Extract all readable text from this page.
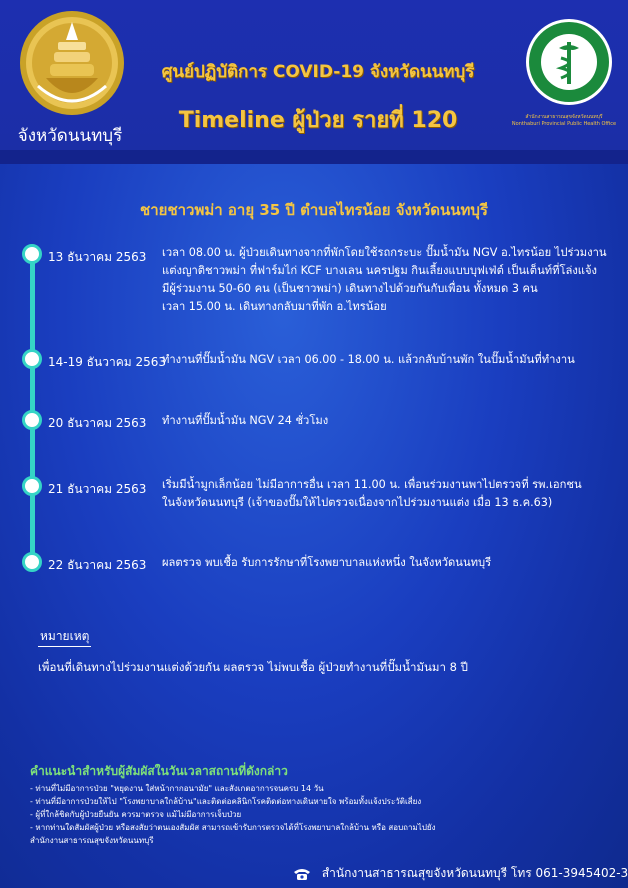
จังหวัดนนทบุรี
ศูนย์ปฏิบัติการ COVID-19 จังหวัดนนทบุรี
Timeline ผู้ป่วย รายที่ 120	สำนักงานสาธารณสุขจังหวัดนนทบุรี
Nonthaburi Provincial Public Health Office
ชายชาวพม่า อายุ 35 ปี ตำบลไทรน้อย จังหวัดนนทบุรี
13 ธันวาคม 2563 เวลา 08.00 น. ผู้ป่วยเดินทางจากที่พักโดยใช้รถกระบะ ปั๊มน้ำมัน NGV อ.ไทรน้อย ไปร่วมงาน
แต่งญาติชาวพม่า ที่ฟาร์มไก่ KCF บางเลน นครปฐม กินเลี้ยงแบบบุฟเฟ่ต์ เป็นเต็นท์ที่โล่งแจ้ง
มีผู้ร่วมงาน 50-60 คน (เป็นชาวพม่า) เดินทางไปด้วยกันกับเพื่อน ทั้งหมด 3 คน
เวลา 15.00 น. เดินทางกลับมาที่พัก อ.ไทรน้อย
14-19 ธันวาคม 2563
ทำงานที่ปั๊มน้ำมัน NGV เวลา 06.00 - 18.00 น. แล้วกลับบ้านพัก ในปั๊มน้ำมันที่ทำงาน
20 ธันวาคม 2563 ทำงานที่ปั๊มน้ำมัน NGV 24 ชั่วโมง
21 ธันวาคม 2563 เริ่มมีน้ำมูกเล็กน้อย ไม่มีอาการอื่น เวลา 11.00 น. เพื่อนร่วมงานพาไปตรวจที่ รพ.เอกชน
ในจังหวัดนนทบุรี (เจ้าของปั๊มให้ไปตรวจเนื่องจากไปร่วมงานแต่ง เมื่อ 13 ธ.ค.63)
22 ธันวาคม 2563 ผลตรวจ พบเชื้อ รับการรักษาที่โรงพยาบาลแห่งหนึ่ง ในจังหวัดนนทบุรี
หมายเหตุ
เพื่อนที่เดินทางไปร่วมงานแต่งด้วยกัน ผลตรวจ ไม่พบเชื้อ ผู้ป่วยทำงานที่ปั๊มน้ำมันมา 8 ปี
คำแนะนำสำหรับผู้สัมผัสในวันเวลาสถานที่ดังกล่าว
- ท่านที่ไม่มีอาการป่วย "หยุดงาน ใส่หน้ากากอนามัย" และสังเกตอาการจนครบ 14 วัน
- ท่านที่มีอาการป่วยให้ไป "โรงพยาบาลใกล้บ้าน"และติดต่อคลินิกโรคติดต่อทางเดินหายใจ พร้อมทั้งแจ้งประวัติเสี่ยง
- ผู้ที่ใกล้ชิดกับผู้ป่วยยืนยัน ควรมาตรวจ แม้ไม่มีอาการเจ็บป่วย
- หากท่านใดสัมผัสผู้ป่วย หรือสงสัยว่าตนเองสัมผัส สามารถเข้ารับการตรวจได้ที่โรงพยาบาลใกล้บ้าน หรือ สอบถามไปยัง
สำนักงานสาธารณสุขจังหวัดนนทบุรี
สำนักงานสาธารณสุขจังหวัดนนทบุรี โทร 061-3945402-3
